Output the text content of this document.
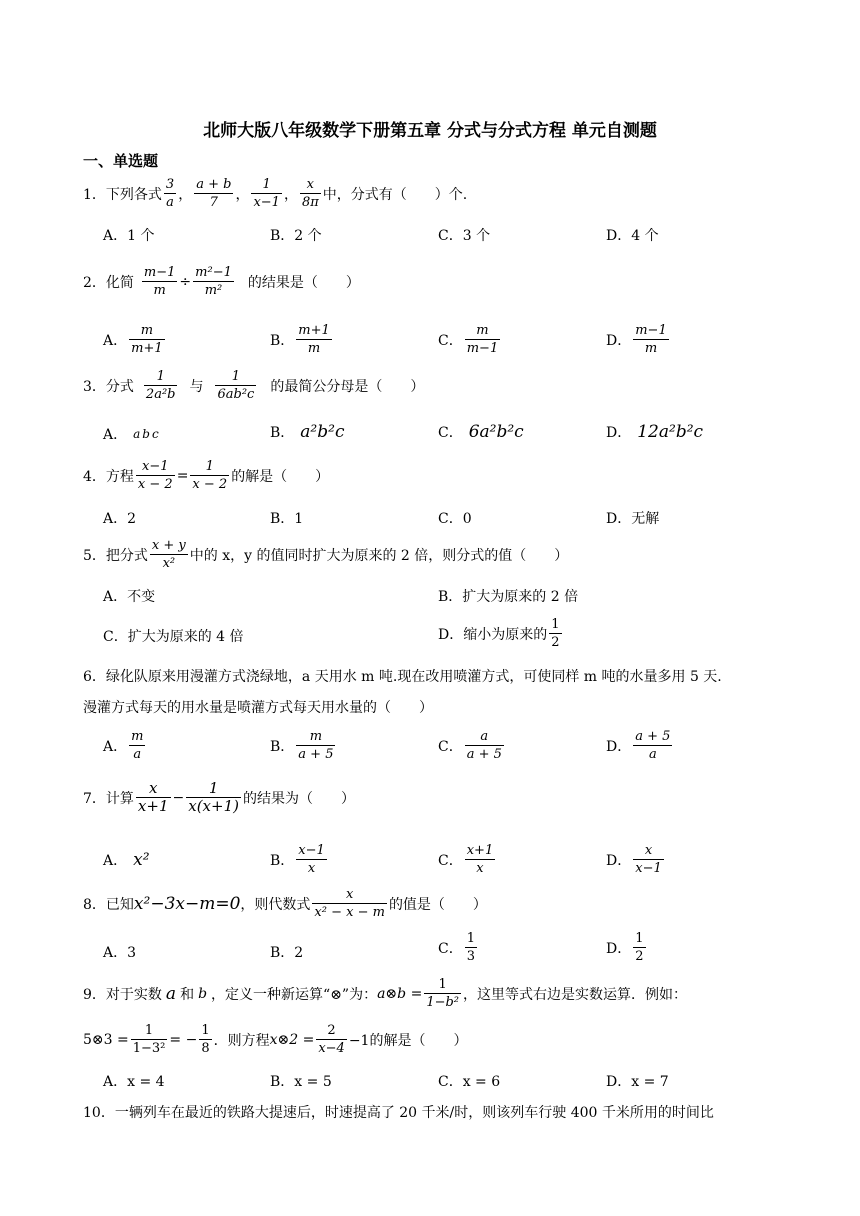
北师大版八年级数学下册第五章 分式与分式方程 单元自测题
一、单选题
1．下列各式 $\frac{3}{a}$ ， $\frac{a + b}{7}$ ， $\frac{1}{x-1}$ ， $\frac{x}{8\pi}$ 中，分式有（　　）个.
A．1 个	B．2 个	C．3 个	D．4 个
2．化简 $\frac{m-1}{m} \div \frac{\text{m²−1}}{\text{m²}}$ 的结果是（　　）
A． $\frac{m}{m+1}$	B． $\frac{m+1}{m}$	C． $\frac{m}{m-1}$	D． $\frac{m-1}{m}$
3．分式 $\frac{1}{\text{2a²b}}$ 与 $\frac{1}{\text{6ab²c}}$ 的最简公分母是（　　）
A． abc	B． a²b²c	C． 6a²b²c	D． 12a²b²c
4．方程 $\frac{x-1}{x - 2} = \frac{1}{x - 2}$ 的解是（　　）
A．2	B．1	C．0	D．无解
5．把分式 $\frac{x + y}{\text{x²}}$ 中的 x，y 的值同时扩大为原来的 2 倍，则分式的值（　　）
A．不变	B．扩大为原来的 2 倍
C．扩大为原来的 4 倍	D．缩小为原来的 $\frac{1}{2}$
6．绿化队原来用漫灌方式浇绿地，a 天用水 m 吨.现在改用喷灌方式，可使同样 m 吨的水量多用 5 天.
漫灌方式每天的用水量是喷灌方式每天用水量的（　　）
A． $\frac{m}{a}$	B． $\frac{m}{a + 5}$	C． $\frac{a}{a + 5}$	D． $\frac{a + 5}{a}$
7．计算 $\frac{x}{x+1} - \frac{1}{x(x+1)}$ 的结果为（　　）
A． x²	B． $\frac{x-1}{x}$	C． $\frac{x+1}{x}$	D． $\frac{x}{x-1}$
8．已知 x²−3x−m=0 ，则代数式 $\frac{x}{\text{x² − x − m}}$ 的值是（　　）
A．3	B．2	C． $\frac{1}{3}$	D． $\frac{1}{2}$
9．对于实数 a 和 b ，定义一种新运算“⊗”为： a⊗b = $\frac{1}{\text{1−b²}}$ ，这里等式右边是实数运算．例如：
5⊗3 = $\frac{1}{\text{1−3²}}$ = − $\frac{1}{8}$ ．则方程 x⊗2 = $\frac{2}{x-4} -1$的解是（　　）
A．x = 4	B．x = 5	C．x = 6	D．x = 7
10．一辆列车在最近的铁路大提速后，时速提高了 20 千米/时，则该列车行驶 400 千米所用的时间比
